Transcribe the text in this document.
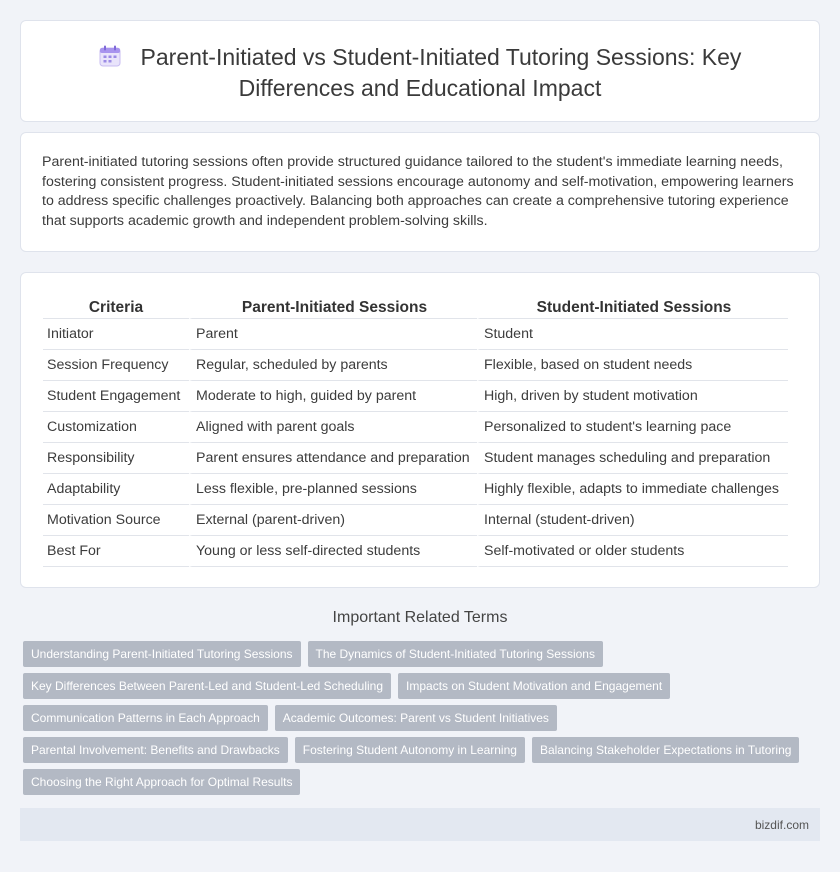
Parent-Initiated vs Student-Initiated Tutoring Sessions: Key
Differences and Educational Impact

Parent-initiated tutoring sessions often provide structured guidance tailored to the student's immediate learning needs, fostering consistent progress. Student-initiated sessions encourage autonomy and self-motivation, empowering learners to address specific challenges proactively. Balancing both approaches can create a comprehensive tutoring experience that supports academic growth and independent problem-solving skills.

Criteria	Parent-Initiated Sessions	Student-Initiated Sessions
Initiator	Parent	Student
Session Frequency	Regular, scheduled by parents	Flexible, based on student needs
Student Engagement	Moderate to high, guided by parent	High, driven by student motivation
Customization	Aligned with parent goals	Personalized to student's learning pace
Responsibility	Parent ensures attendance and preparation	Student manages scheduling and preparation
Adaptability	Less flexible, pre-planned sessions	Highly flexible, adapts to immediate challenges
Motivation Source	External (parent-driven)	Internal (student-driven)
Best For	Young or less self-directed students	Self-motivated or older students
Important Related Terms
Understanding Parent-Initiated Tutoring Sessions	The Dynamics of Student-Initiated Tutoring Sessions
Key Differences Between Parent-Led and Student-Led Scheduling	Impacts on Student Motivation and Engagement
Communication Patterns in Each Approach	Academic Outcomes: Parent vs Student Initiatives
Parental Involvement: Benefits and Drawbacks	Fostering Student Autonomy in Learning	Balancing Stakeholder Expectations in Tutoring
Choosing the Right Approach for Optimal Results
bizdif.com
